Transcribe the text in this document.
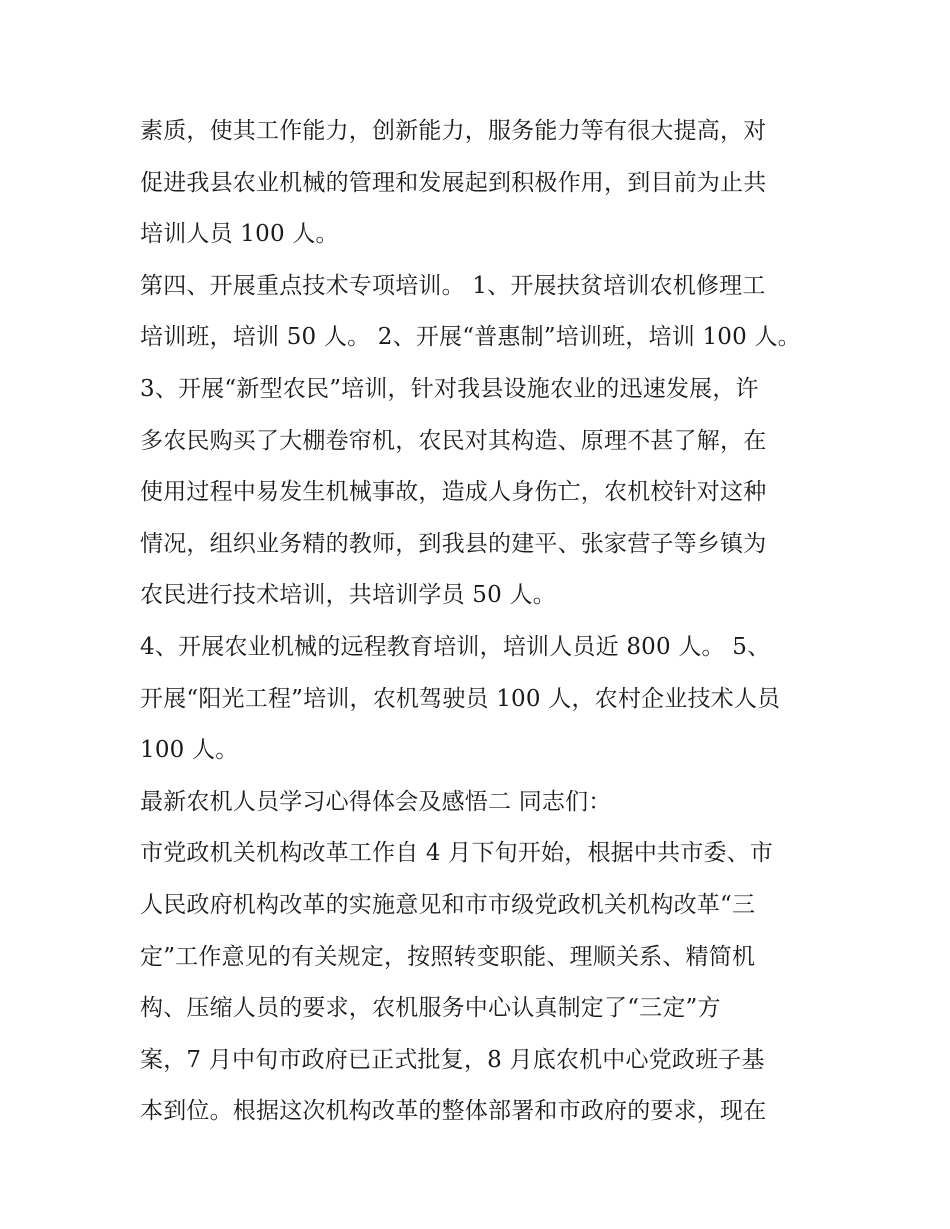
素质，使其工作能力，创新能力，服务能力等有很大提高，对
促进我县农业机械的管理和发展起到积极作用，到目前为止共
培训人员 100 人。
第四、开展重点技术专项培训。 1、开展扶贫培训农机修理工
培训班，培训 50 人。 2、开展“普惠制”培训班，培训 100 人。
3、开展“新型农民”培训，针对我县设施农业的迅速发展，许
多农民购买了大棚卷帘机，农民对其构造、原理不甚了解，在
使用过程中易发生机械事故，造成人身伤亡，农机校针对这种
情况，组织业务精的教师，到我县的建平、张家营子等乡镇为
农民进行技术培训，共培训学员 50 人。
4、开展农业机械的远程教育培训，培训人员近 800 人。 5、
开展“阳光工程”培训，农机驾驶员 100 人，农村企业技术人员
100 人。
最新农机人员学习心得体会及感悟二 同志们：
市党政机关机构改革工作自 4 月下旬开始，根据中共市委、市
人民政府机构改革的实施意见和市市级党政机关机构改革“三
定”工作意见的有关规定，按照转变职能、理顺关系、精简机
构、压缩人员的要求，农机服务中心认真制定了“三定”方
案，7 月中旬市政府已正式批复，8 月底农机中心党政班子基
本到位。根据这次机构改革的整体部署和市政府的要求，现在
